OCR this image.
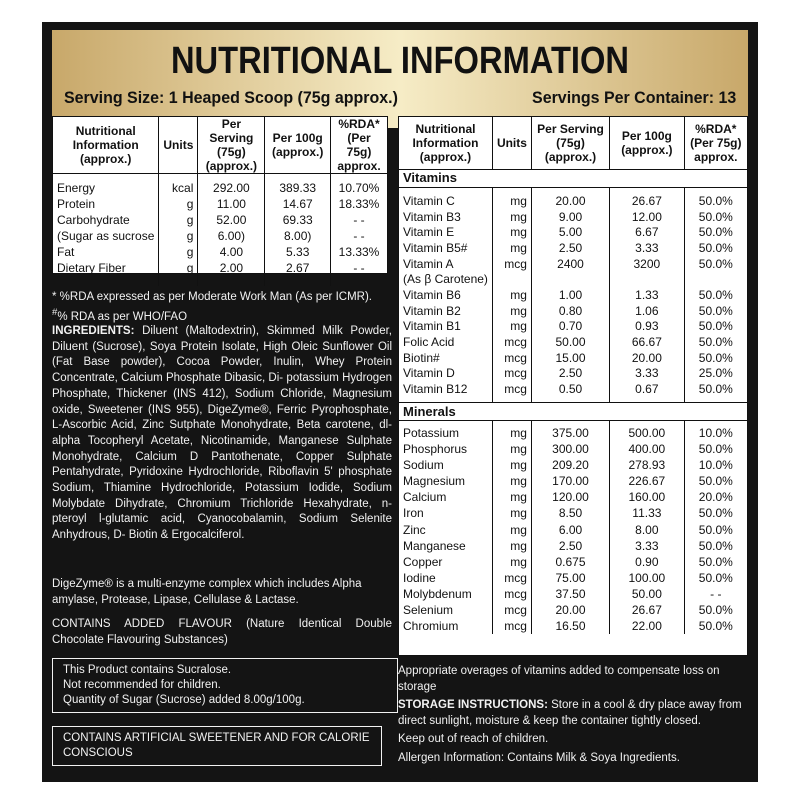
NUTRITIONAL INFORMATION
Serving Size: 1 Heaped Scoop (75g approx.)	Servings Per Container: 13
Nutritional Information (approx.)	Units	Per Serving (75g) (approx.)	Per 100g (approx.)	%RDA* (Per 75g) approx.

Energy	kcal	292.00	389.33	10.70%
Protein	g	11.00	14.67	18.33%
Carbohydrate	g	52.00	69.33	- -
(Sugar as sucrose	g	6.00)	8.00)	- -
Fat	g	4.00	5.33	13.33%
Dietary Fiber	g	2.00	2.67	- -

* %RDA expressed as per Moderate Work Man (As per ICMR).
#% RDA as per WHO/FAO
INGREDIENTS: Diluent (Maltodextrin), Skimmed Milk Powder, Diluent (Sucrose), Soya Protein Isolate, High Oleic Sunflower Oil (Fat Base powder), Cocoa Powder, Inulin, Whey Protein Concentrate, Calcium Phosphate Dibasic, Di- potassium Hydrogen Phosphate, Thickener (INS 412), Sodium Chloride, Magnesium oxide, Sweetener (INS 955), DigeZyme®, Ferric Pyrophosphate, L-Ascorbic Acid, Zinc Sutphate Monohydrate, Beta carotene, dl-alpha Tocopheryl Acetate, Nicotinamide, Manganese Sulphate Monohydrate, Calcium D Pantothenate, Copper Sulphate Pentahydrate, Pyridoxine Hydrochloride, Riboflavin 5' phosphate Sodium, Thiamine Hydrochloride, Potassium Iodide, Sodium Molybdate Dihydrate, Chromium Trichloride Hexahydrate, n-pteroyl l-glutamic acid, Cyanocobalamin, Sodium Selenite Anhydrous, D- Biotin & Ergocalciferol.
DigeZyme® is a multi-enzyme complex which includes Alpha amylase, Protease, Lipase, Cellulase & Lactase.
CONTAINS ADDED FLAVOUR (Nature Identical Double Chocolate Flavouring Substances)
This Product contains Sucralose.
Not recommended for children.
Quantity of Sugar (Sucrose) added 8.00g/100g.
CONTAINS ARTIFICIAL SWEETENER AND FOR CALORIE CONSCIOUS
Nutritional Information (approx.)	Units	Per Serving (75g) (approx.)	Per 100g (approx.)	%RDA* (Per 75g) approx.
Vitamins				

Vitamin C	mg	20.00	26.67	50.0%
Vitamin B3	mg	9.00	12.00	50.0%
Vitamin E	mg	5.00	6.67	50.0%
Vitamin B5#	mg	2.50	3.33	50.0%
Vitamin A	mcg	2400	3200	50.0%
(As β Carotene)				
Vitamin B6	mg	1.00	1.33	50.0%
Vitamin B2	mg	0.80	1.06	50.0%
Vitamin B1	mg	0.70	0.93	50.0%
Folic Acid	mcg	50.00	66.67	50.0%
Biotin#	mcg	15.00	20.00	50.0%
Vitamin D	mcg	2.50	3.33	25.0%
Vitamin B12	mcg	0.50	0.67	50.0%

Minerals				

Potassium	mg	375.00	500.00	10.0%
Phosphorus	mg	300.00	400.00	50.0%
Sodium	mg	209.20	278.93	10.0%
Magnesium	mg	170.00	226.67	50.0%
Calcium	mg	120.00	160.00	20.0%
Iron	mg	8.50	11.33	50.0%
Zinc	mg	6.00	8.00	50.0%
Manganese	mg	2.50	3.33	50.0%
Copper	mg	0.675	0.90	50.0%
Iodine	mcg	75.00	100.00	50.0%
Molybdenum	mcg	37.50	50.00	- -
Selenium	mcg	20.00	26.67	50.0%
Chromium	mcg	16.50	22.00	50.0%

Appropriate overages of vitamins added to compensate loss on storage

STORAGE INSTRUCTIONS: Store in a cool & dry place away from direct sunlight, moisture & keep the container tightly closed.

Keep out of reach of children.

Allergen Information: Contains Milk & Soya Ingredients.
